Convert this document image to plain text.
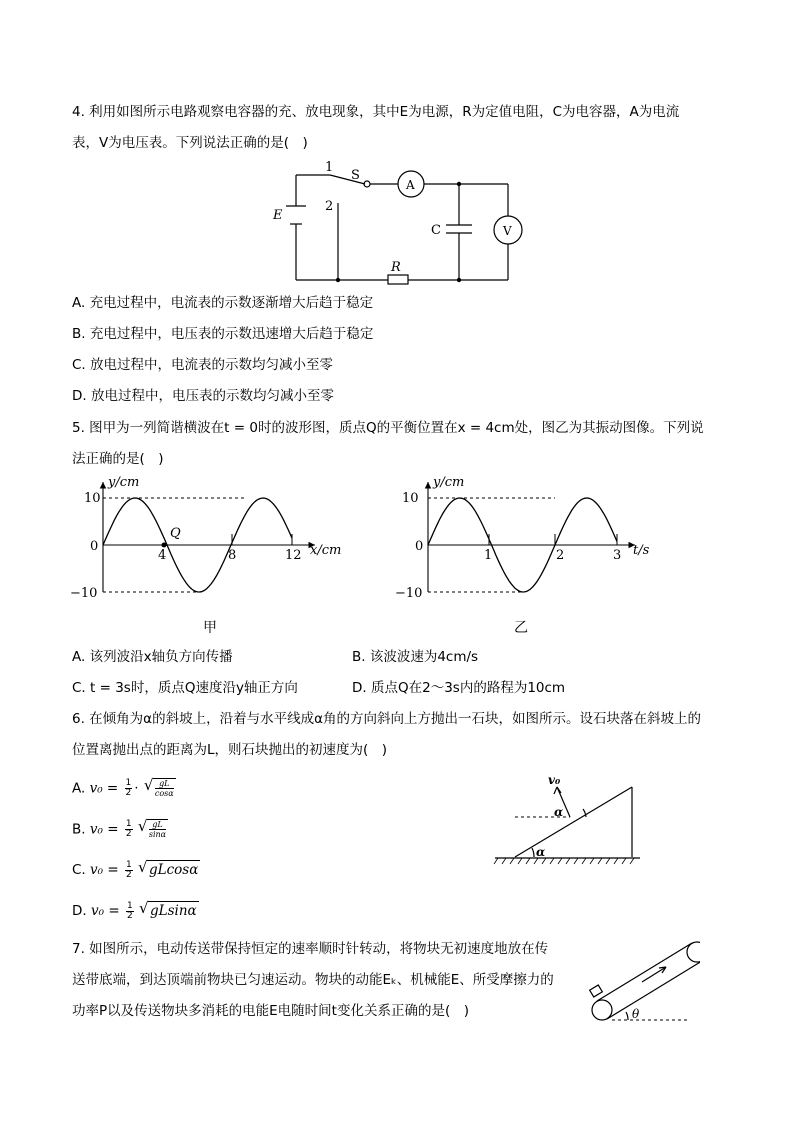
4. 利用如图所示电路观察电容器的充、放电现象，其中E为电源，R为定值电阻，C为电容器，A为电流
表，V为电压表。下列说法正确的是(　)
1
2
S
A
E
C	V
R
A. 充电过程中，电流表的示数逐渐增大后趋于稳定
B. 充电过程中，电压表的示数迅速增大后趋于稳定
C. 放电过程中，电流表的示数均匀减小至零
D. 放电过程中，电压表的示数均匀减小至零
5. 图甲为一列简谐横波在t = 0时的波形图，质点Q的平衡位置在x = 4cm处，图乙为其振动图像。下列说
法正确的是(　)
y/cm
10
0
−10
4	8	12 x/cm
Q
甲
y/cm
10
0
−10
1	2	3 t/s
乙
A. 该列波沿x轴负方向传播	B. 该波波速为4cm/s
C. t = 3s时，质点Q速度沿y轴正方向	D. 质点Q在2～3s内的路程为10cm
6. 在倾角为α的斜坡上，沿着与水平线成α角的方向斜向上方抛出一石块，如图所示。设石块落在斜坡上的
位置离抛出点的距离为L，则石块抛出的初速度为(　)
A. $v_0 = \frac{1}{2}$ · √ $\frac{gL}{\cos\alpha}$
B. $v_0 = \frac{1}{2}$
√ $\frac{gL}{\sin\alpha}$
C. $v_0 = \frac{1}{2}$ √ gLcosα
D. $v_0 = \frac{1}{2}$ √ gLsinα
v₀
α
α
7. 如图所示，电动传送带保持恒定的速率顺时针转动，将物块无初速度地放在传
送带底端，到达顶端前物块已匀速运动。物块的动能Eₖ、机械能E、所受摩擦力的
功率P以及传送物块多消耗的电能E电随时间t变化关系正确的是(　)	θ
